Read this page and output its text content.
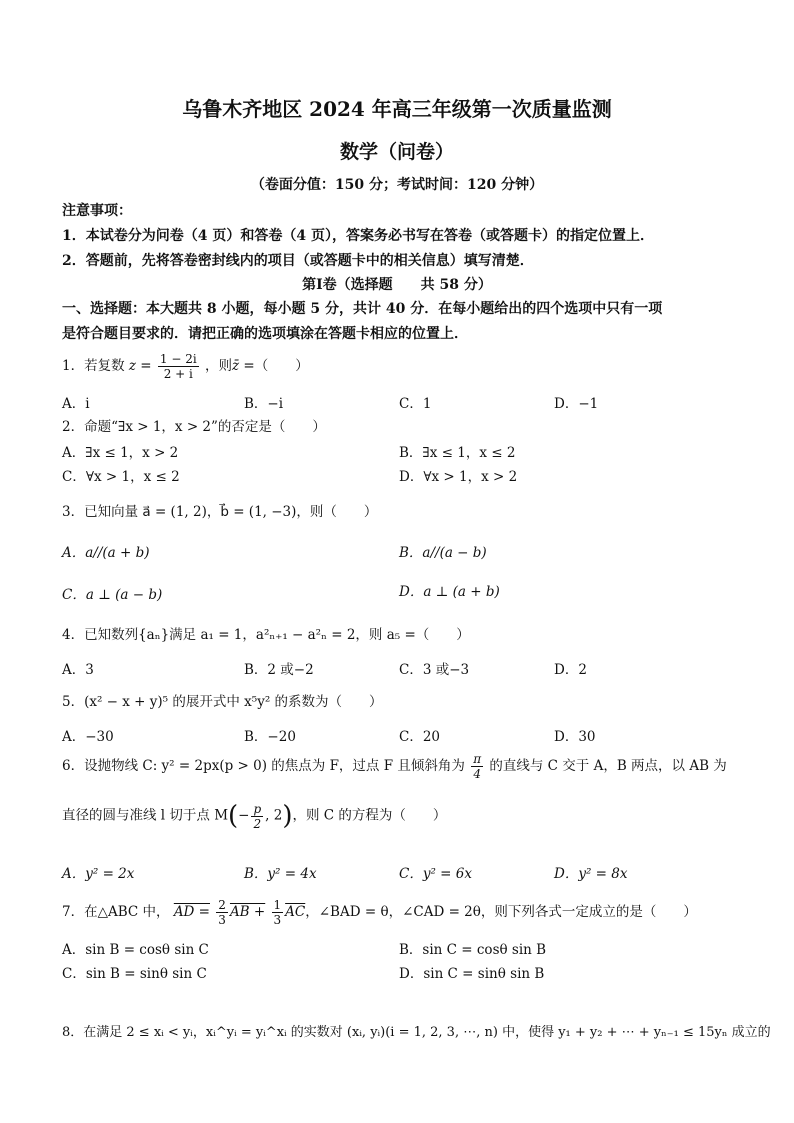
乌鲁木齐地区 2024 年高三年级第一次质量监测
数学（问卷）
（卷面分值：150 分；考试时间：120 分钟）
注意事项：
1．本试卷分为问卷（4 页）和答卷（4 页），答案务必书写在答卷（或答题卡）的指定位置上．
2．答题前，先将答卷密封线内的项目（或答题卡中的相关信息）填写清楚．
第Ⅰ卷（选择题　　共 58 分）
一、选择题：本大题共 8 小题，每小题 5 分，共计 40 分．在每小题给出的四个选项中只有一项
是符合题目要求的．请把正确的选项填涂在答题卡相应的位置上．
1．若复数 $z = \frac{1 - 2i}{2 + i}$ ，则z̄ =（　　）
A．i	B．−i	C．1	D．−1
2．命题“∃x > 1，x > 2”的否定是（　　）
A．∃x ≤ 1，x > 2	B．∃x ≤ 1，x ≤ 2
C．∀x > 1，x ≤ 2	D．∀x > 1，x > 2
3．已知向量 a⃗ = (1, 2)，b⃗ = (1, −3)，则（　　）
A．a//(a + b)	B．a//(a − b)
C．a ⊥ (a − b)	D．a ⊥ (a + b)
4．已知数列{aₙ}满足 a₁ = 1，a²ₙ₊₁ − a²ₙ = 2，则 a₅ =（　　）
A．3	B．2 或−2	C．3 或−3	D．2
5．(x² − x + y)⁵ 的展开式中 x⁵y² 的系数为（　　）
A．−30	B．−20	C．20	D．30
6．设抛物线 C: y² = 2px(p > 0) 的焦点为 F，过点 F 且倾斜角为 $\frac{\pi}{4}$ 的直线与 C 交于 A，B 两点，以 AB 为
直径的圆与准线 l 切于点 $M(- \frac{p}{2}$ , 2)，则 C 的方程为（　　）
A．y² = 2x	B．y² = 4x	C．y² = 6x	D．y² = 8x
7．在△ABC 中， AD = $\frac{2}{3}$ AB + $\frac{1}{3} \overline{AC}$，∠BAD = θ，∠CAD = 2θ，则下列各式一定成立的是（　　）
A．sin B = cosθ sin C	B．sin C = cosθ sin B
C．sin B = sinθ sin C	D．sin C = sinθ sin B
8．在满足 2 ≤ xᵢ < yᵢ，xᵢ^yᵢ = yᵢ^xᵢ 的实数对 (xᵢ, yᵢ)(i = 1, 2, 3, ⋯, n) 中，使得 y₁ + y₂ + ⋯ + yₙ₋₁ ≤ 15yₙ 成立的
